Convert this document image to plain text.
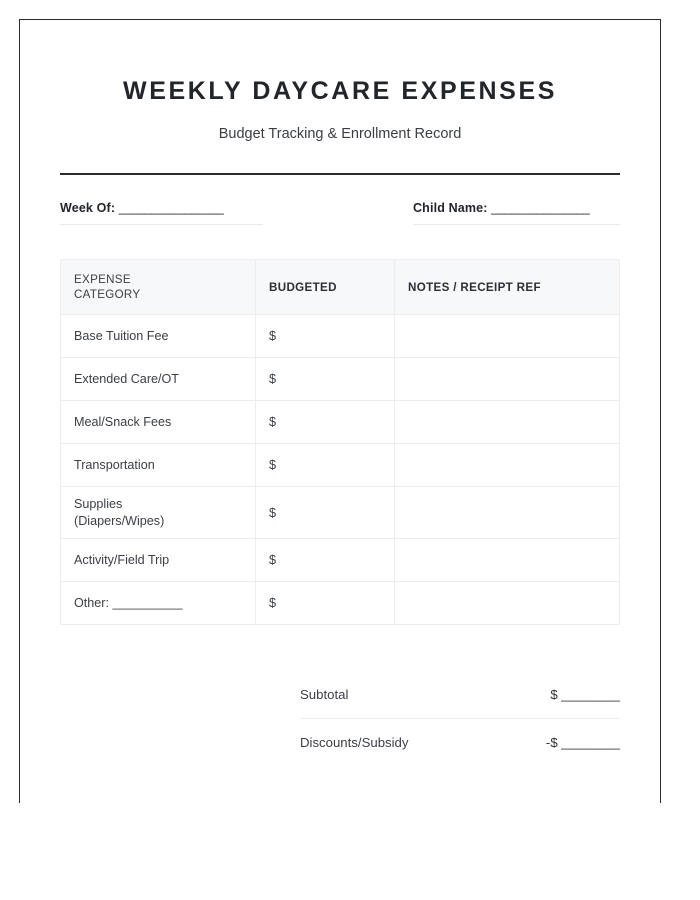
WEEKLY DAYCARE EXPENSES
Budget Tracking & Enrollment Record
Week Of: ________________	Child Name: _______________
EXPENSE
CATEGORY	BUDGETED	NOTES / RECEIPT REF
Base Tuition Fee	$	
Extended Care/OT	$	
Meal/Snack Fees	$	
Transportation	$	
Supplies
(Diapers/Wipes)	$	
Activity/Field Trip	$	
Other: __________	$	
Subtotal	$ ________
Discounts/Subsidy	-$ ________
